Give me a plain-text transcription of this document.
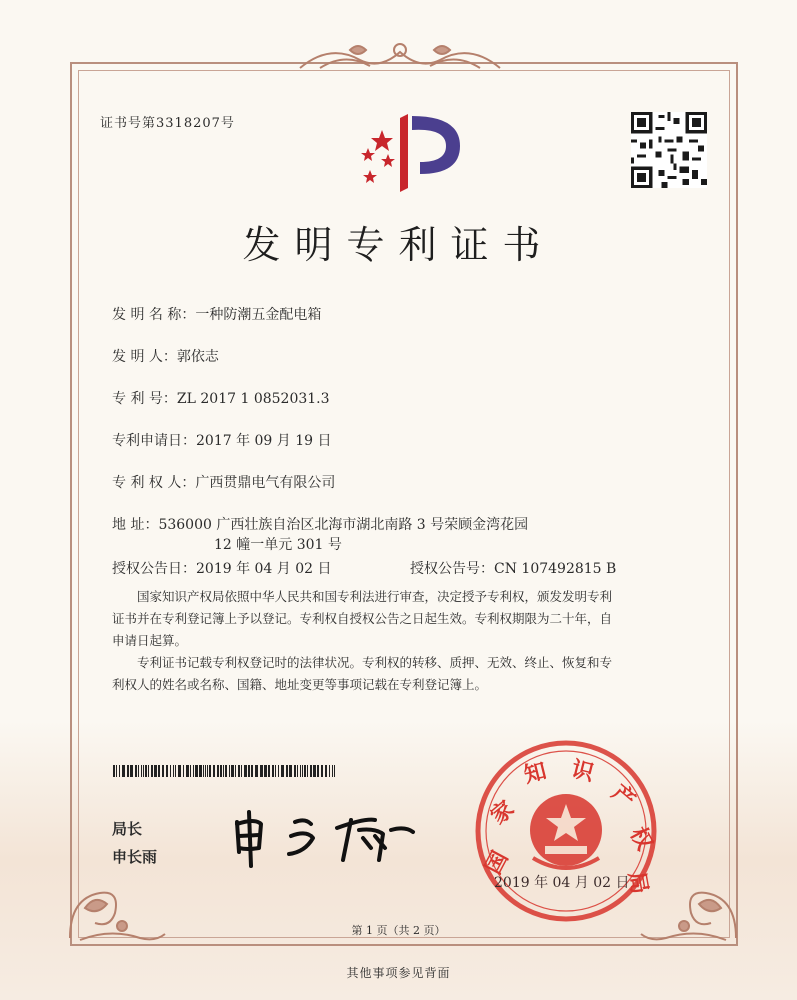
证书号第3318207号
发明专利证书
发 明 名 称：一种防潮五金配电箱
发 明 人：郭依志
专 利 号：ZL 2017 1 0852031.3
专利申请日：2017 年 09 月 19 日
专 利 权 人：广西贯鼎电气有限公司
地 址：536000 广西壮族自治区北海市湖北南路 3 号荣顾金湾花园
12 幢一单元 301 号
授权公告日：2019 年 04 月 02 日	授权公告号：CN 107492815 B
国家知识产权局依照中华人民共和国专利法进行审查，决定授予专利权，颁发发明专利
证书并在专利登记簿上予以登记。专利权自授权公告之日起生效。专利权期限为二十年，自
申请日起算。
专利证书记载专利权登记时的法律状况。专利权的转移、质押、无效、终止、恢复和专
利权人的姓名或名称、国籍、地址变更等事项记载在专利登记簿上。
局长
申长雨	国
家
知 识
产
权
局
2019 年 04 月 02 日
第 1 页（共 2 页）
其他事项参见背面
